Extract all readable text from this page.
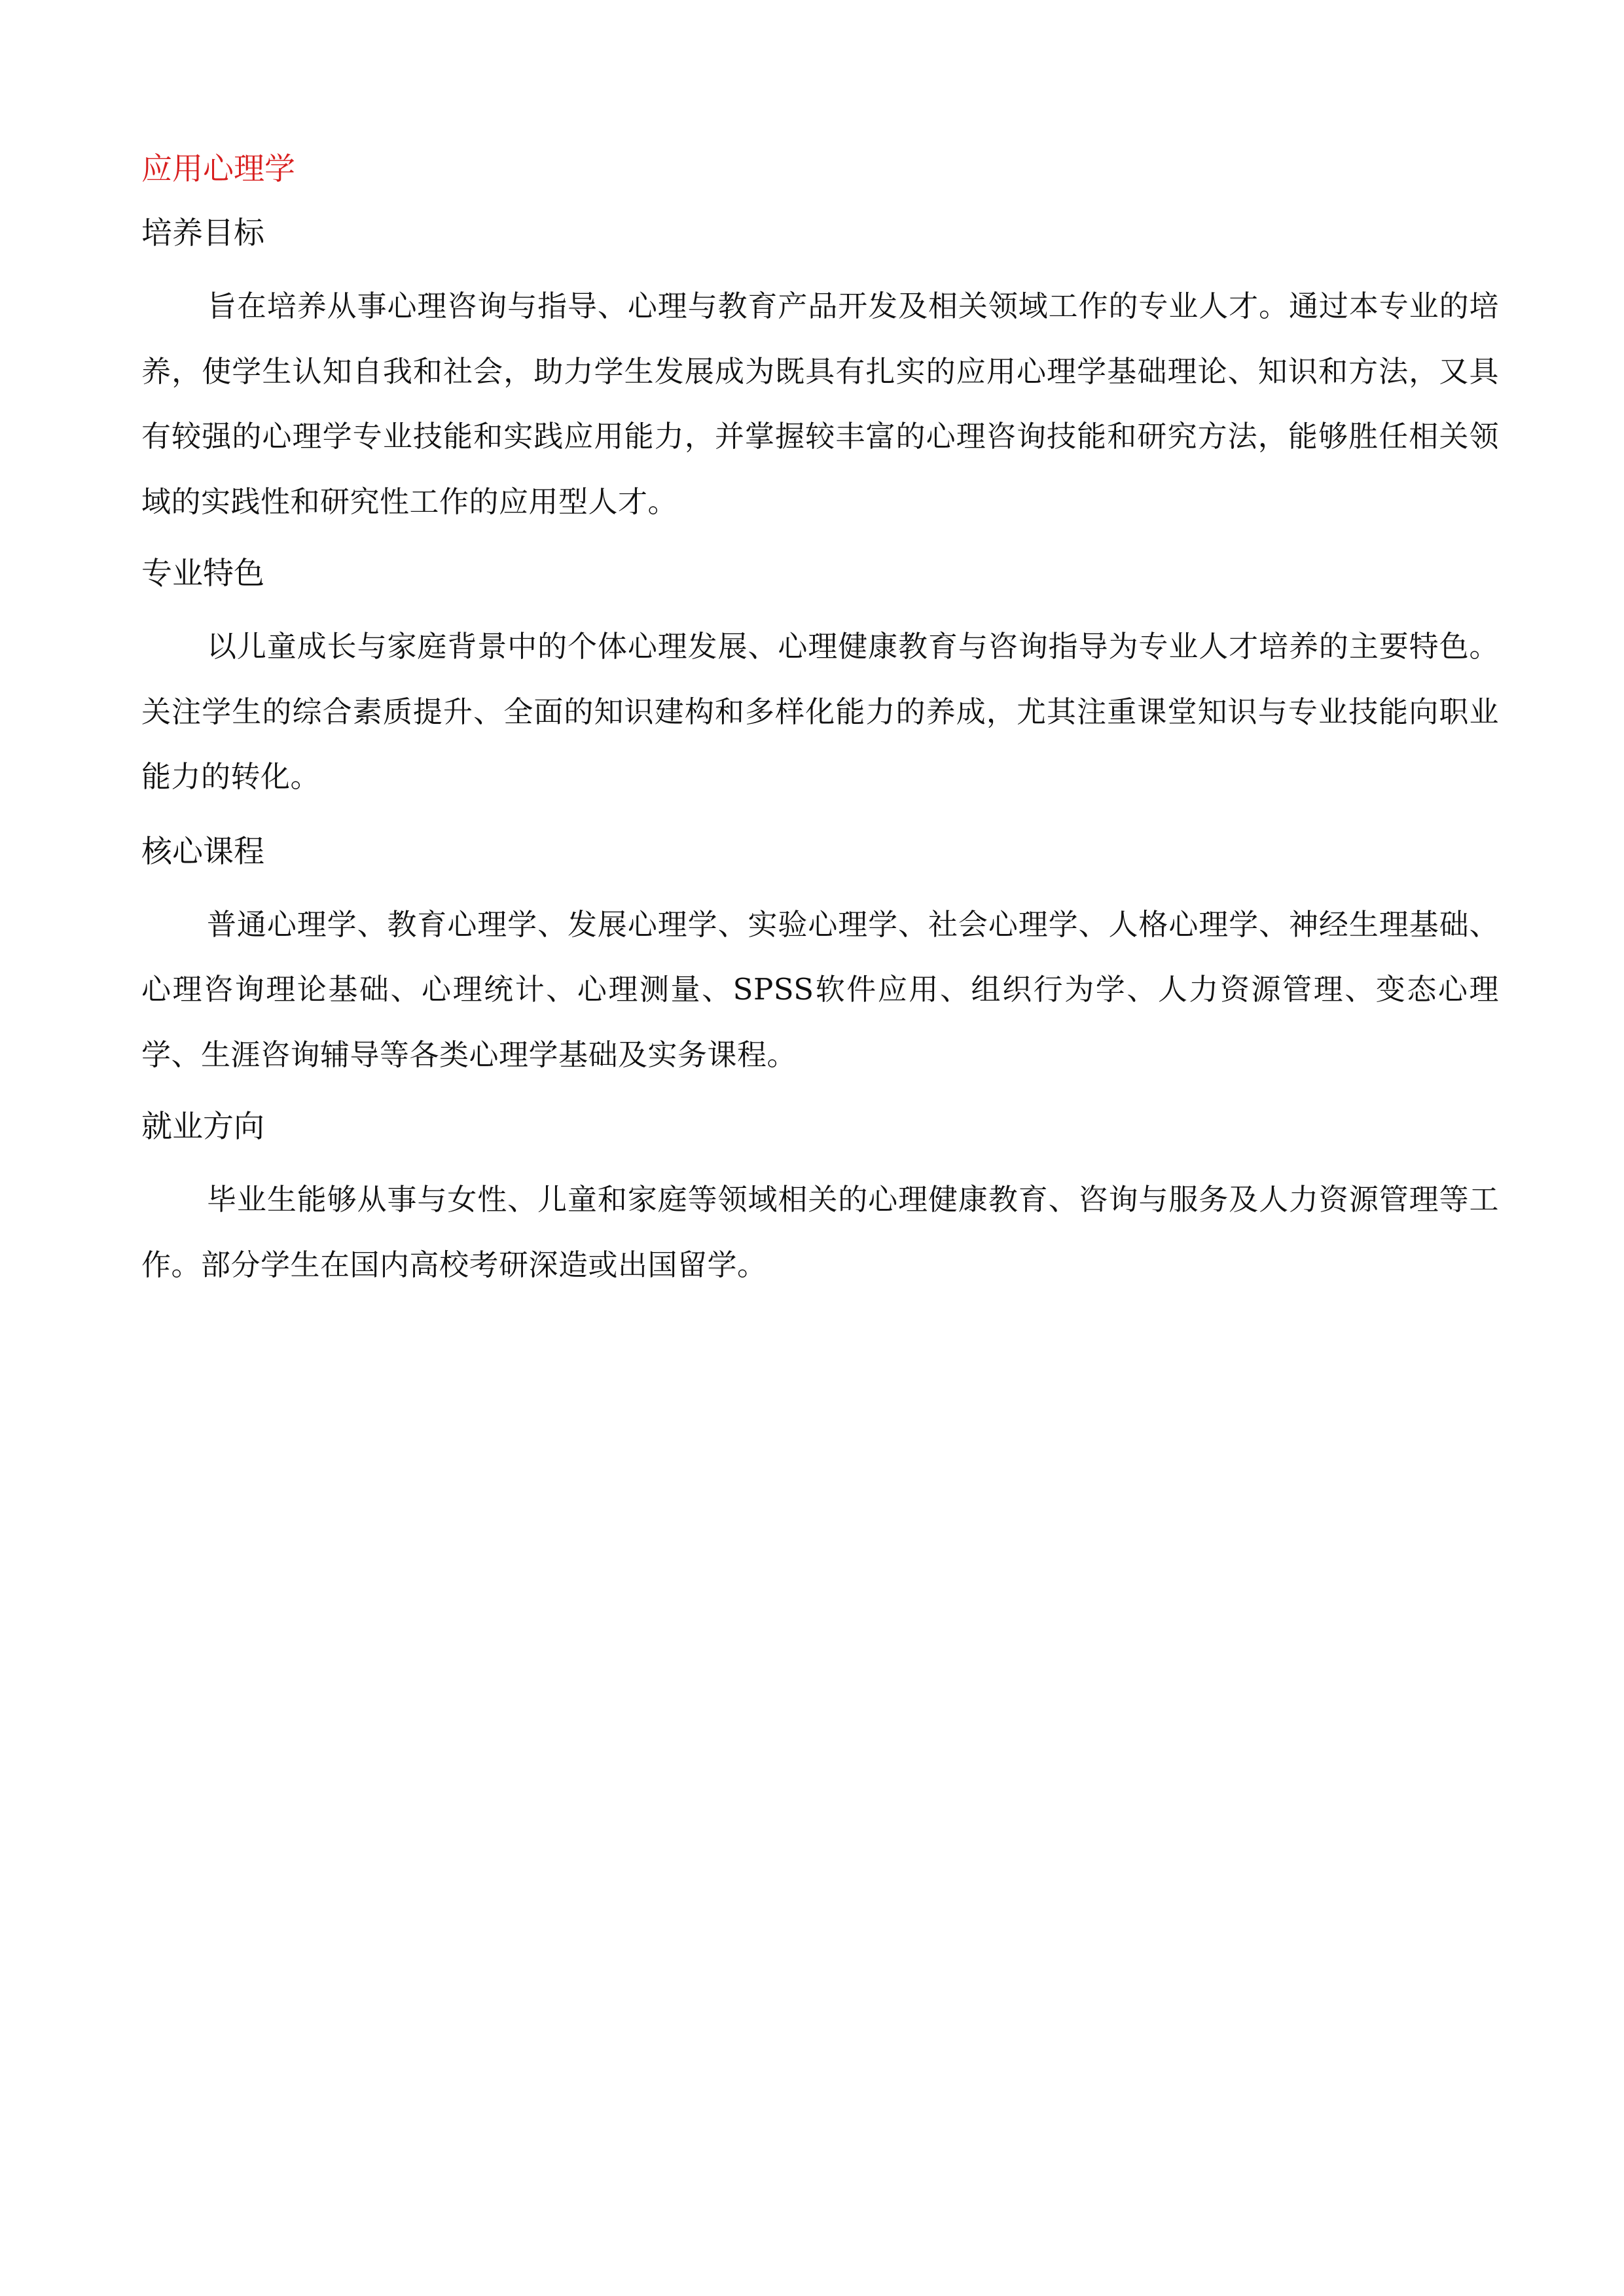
应用心理学
培养目标

旨在培养从事心理咨询与指导、心理与教育产品开发及相关领域工作的专业人才。通过本专业的培养，使学生认知自我和社会，助力学生发展成为既具有扎实的应用心理学基础理论、知识和方法，又具有较强的心理学专业技能和实践应用能力，并掌握较丰富的心理咨询技能和研究方法，能够胜任相关领域的实践性和研究性工作的应用型人才。

专业特色

以儿童成长与家庭背景中的个体心理发展、心理健康教育与咨询指导为专业人才培养的主要特色。关注学生的综合素质提升、全面的知识建构和多样化能力的养成，尤其注重课堂知识与专业技能向职业能力的转化。

核心课程

普通心理学、教育心理学、发展心理学、实验心理学、社会心理学、人格心理学、神经生理基础、心理咨询理论基础、心理统计、心理测量、SPSS软件应用、组织行为学、人力资源管理、变态心理学、生涯咨询辅导等各类心理学基础及实务课程。

就业方向

毕业生能够从事与女性、儿童和家庭等领域相关的心理健康教育、咨询与服务及人力资源管理等工作。部分学生在国内高校考研深造或出国留学。
